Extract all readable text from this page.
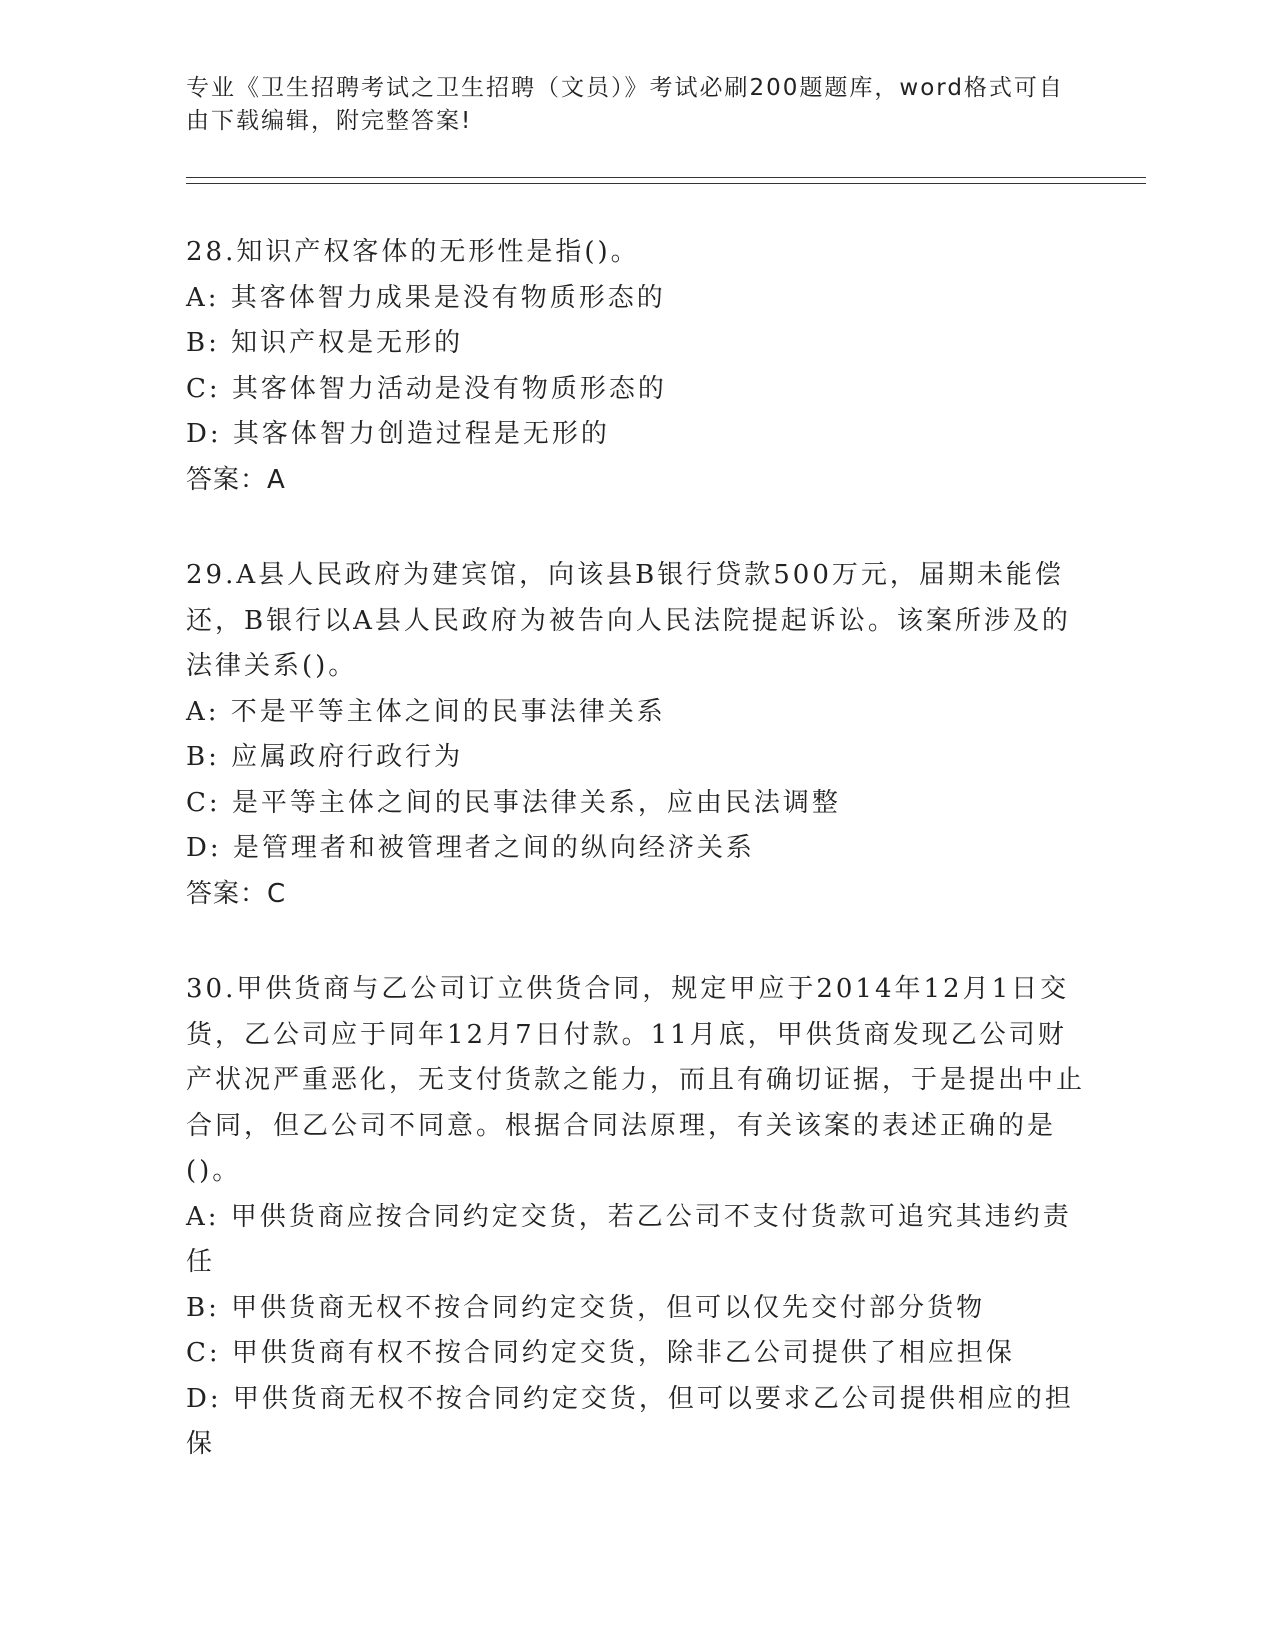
专业《卫生招聘考试之卫生招聘（文员）》考试必刷200题题库，word格式可自由下载编辑，附完整答案!
28.知识产权客体的无形性是指()。
A: 其客体智力成果是没有物质形态的
B: 知识产权是无形的
C: 其客体智力活动是没有物质形态的
D: 其客体智力创造过程是无形的
答案：A
29.A县人民政府为建宾馆，向该县B银行贷款500万元，届期未能偿还，B银行以A县人民政府为被告向人民法院提起诉讼。该案所涉及的法律关系()。
A: 不是平等主体之间的民事法律关系
B: 应属政府行政行为
C: 是平等主体之间的民事法律关系，应由民法调整
D: 是管理者和被管理者之间的纵向经济关系
答案：C
30.甲供货商与乙公司订立供货合同，规定甲应于2014年12月1日交货，乙公司应于同年12月7日付款。11月底，甲供货商发现乙公司财产状况严重恶化，无支付货款之能力，而且有确切证据，于是提出中止合同，但乙公司不同意。根据合同法原理，有关该案的表述正确的是()。
A: 甲供货商应按合同约定交货，若乙公司不支付货款可追究其违约责任
B: 甲供货商无权不按合同约定交货，但可以仅先交付部分货物
C: 甲供货商有权不按合同约定交货，除非乙公司提供了相应担保
D: 甲供货商无权不按合同约定交货，但可以要求乙公司提供相应的担保
